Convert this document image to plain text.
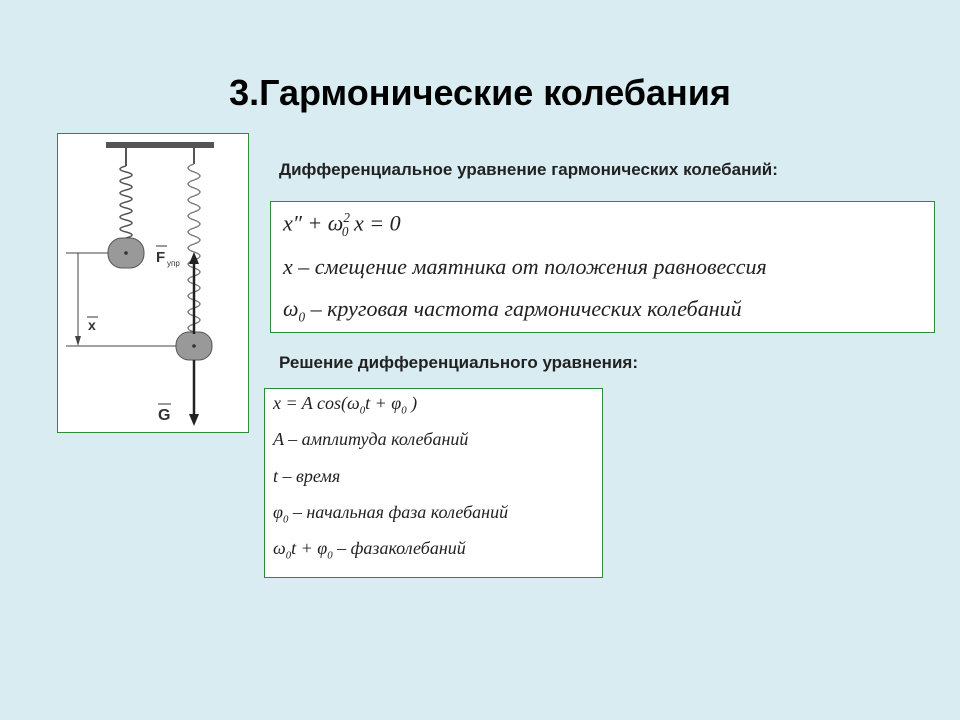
3.Гармонические колебания
F упр
x
G
Дифференциальное уравнение гармонических колебаний:
$x'' + \omega^2_0$ x = 0
x – смещение маятника от положения равновессия
$\omega_0$ – круговая частота гармонических колебаний
Решение дифференциального уравнения:
x = A $\cos(\omega_0t + \varphi_0$ )
A – амплитуда колебаний
t – время
$\varphi_0$ – начальная фаза колебаний
$\omega_0t + \varphi_0$ – фазаколебаний
